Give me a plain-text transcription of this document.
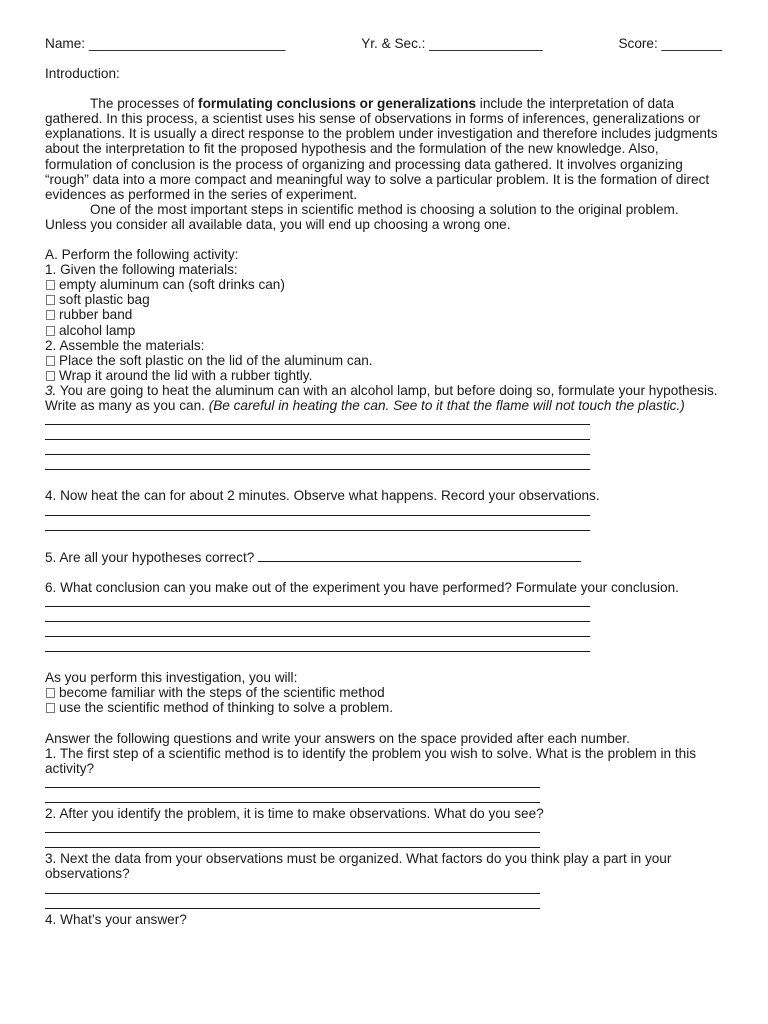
Name: __________________________	Yr. & Sec.: _______________	Score: ________

Introduction:

The processes of formulating conclusions or generalizations include the interpretation of data gathered. In this process, a scientist uses his sense of observations in forms of inferences, generalizations or explanations. It is usually a direct response to the problem under investigation and therefore includes judgments about the interpretation to fit the proposed hypothesis and the formulation of the new knowledge. Also, formulation of conclusion is the process of organizing and processing data gathered. It involves organizing “rough” data into a more compact and meaningful way to solve a particular problem. It is the formation of direct evidences as performed in the series of experiment.

One of the most important steps in scientific method is choosing a solution to the original problem. Unless you consider all available data, you will end up choosing a wrong one.

A. Perform the following activity:

1. Given the following materials:

empty aluminum can (soft drinks can)

soft plastic bag

rubber band

alcohol lamp

2. Assemble the materials:

Place the soft plastic on the lid of the aluminum can.

Wrap it around the lid with a rubber tightly.

3. You are going to heat the aluminum can with an alcohol lamp, but before doing so, formulate your hypothesis. Write as many as you can. (Be careful in heating the can. See to it that the flame will not touch the plastic.)

4. Now heat the can for about 2 minutes. Observe what happens. Record your observations.

5. Are all your hypotheses correct?

6. What conclusion can you make out of the experiment you have performed? Formulate your conclusion.

As you perform this investigation, you will:

become familiar with the steps of the scientific method

use the scientific method of thinking to solve a problem.

Answer the following questions and write your answers on the space provided after each number.

1. The first step of a scientific method is to identify the problem you wish to solve. What is the problem in this activity?

2. After you identify the problem, it is time to make observations. What do you see?

3. Next the data from your observations must be organized. What factors do you think play a part in your observations?

4. What’s your answer?
